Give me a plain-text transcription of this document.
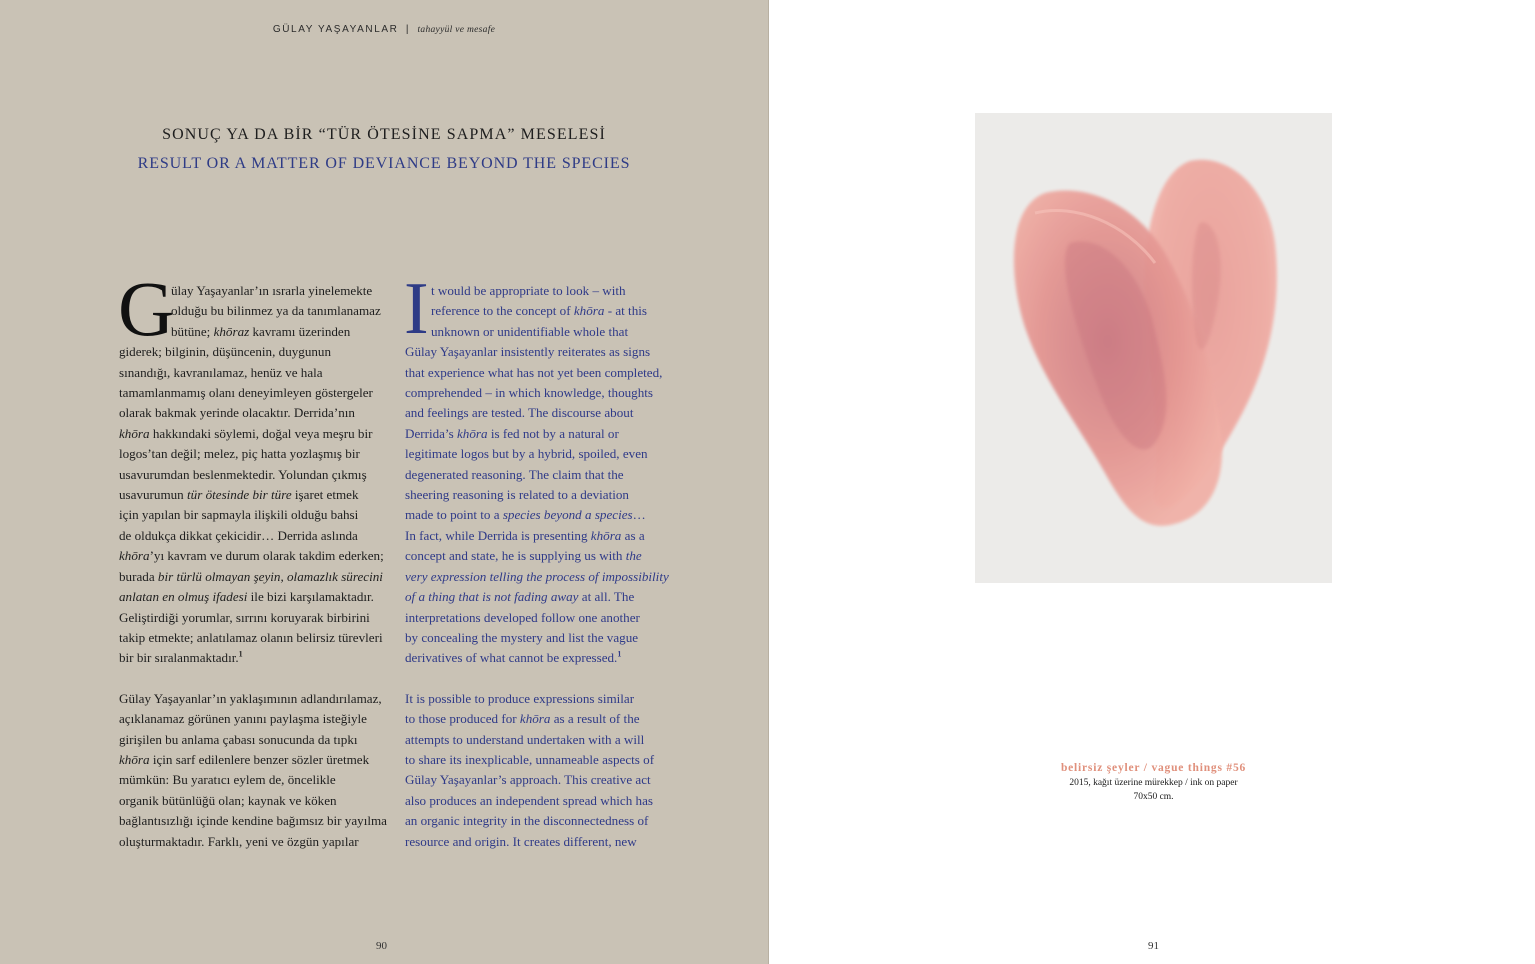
GÜLAY YAŞAYANLAR | tahayyül ve mesafe
SONUÇ YA DA BİR “TÜR ÖTESİNE SAPMA” MESELESİ
RESULT OR A MATTER OF DEVIANCE BEYOND THE SPECIES

G
ülay Yaşayanlar’ın ısrarla yinelemekte
olduğu bu bilinmez ya da tanımlanamaz
bütüne; khōraz kavramı üzerinden
giderek; bilginin, düşüncenin, duygunun
sınandığı, kavranılamaz, henüz ve hala
tamamlanmamış olanı deneyimleyen göstergeler
olarak bakmak yerinde olacaktır. Derrida’nın
khōra hakkındaki söylemi, doğal veya meşru bir
logos’tan değil; melez, piç hatta yozlaşmış bir
usavurumdan beslenmektedir. Yolundan çıkmış
usavurumun tür ötesinde bir türe işaret etmek
için yapılan bir sapmayla ilişkili olduğu bahsi
de oldukça dikkat çekicidir… Derrida aslında
khōra’yı kavram ve durum olarak takdim ederken;
burada bir türlü olmayan şeyin, olamazlık sürecini
anlatan en olmuş ifadesi ile bizi karşılamaktadır.
Geliştirdiği yorumlar, sırrını koruyarak birbirini
takip etmekte; anlatılamaz olanın belirsiz türevleri
bir bir sıralanmaktadır.$^1$

Gülay Yaşayanlar’ın yaklaşımının adlandırılamaz,
açıklanamaz görünen yanını paylaşma isteğiyle
girişilen bu anlama çabası sonucunda da tıpkı
khōra için sarf edilenlere benzer sözler üretmek
mümkün: Bu yaratıcı eylem de, öncelikle
organik bütünlüğü olan; kaynak ve köken
bağlantısızlığı içinde kendine bağımsız bir yayılma
oluşturmaktadır. Farklı, yeni ve özgün yapılar

I t would be appropriate to look – with
reference to the concept of khōra - at this
unknown or unidentifiable whole that
Gülay Yaşayanlar insistently reiterates as signs
that experience what has not yet been completed,
comprehended – in which knowledge, thoughts
and feelings are tested. The discourse about
Derrida’s khōra is fed not by a natural or
legitimate logos but by a hybrid, spoiled, even
degenerated reasoning. The claim that the
sheering reasoning is related to a deviation
made to point to a species beyond a species…
In fact, while Derrida is presenting khōra as a
concept and state, he is supplying us with the
very expression telling the process of impossibility
of a thing that is not fading away at all. The
interpretations developed follow one another
by concealing the mystery and list the vague
derivatives of what cannot be expressed.$^1$

It is possible to produce expressions similar
to those produced for khōra as a result of the
attempts to understand undertaken with a will
to share its inexplicable, unnameable aspects of
Gülay Yaşayanlar’s approach. This creative act
also produces an independent spread which has
an organic integrity in the disconnectedness of
resource and origin. It creates different, new

90	91
belirsiz şeyler / vague things #56
2015, kağıt üzerine mürekkep / ink on paper
70x50 cm.
